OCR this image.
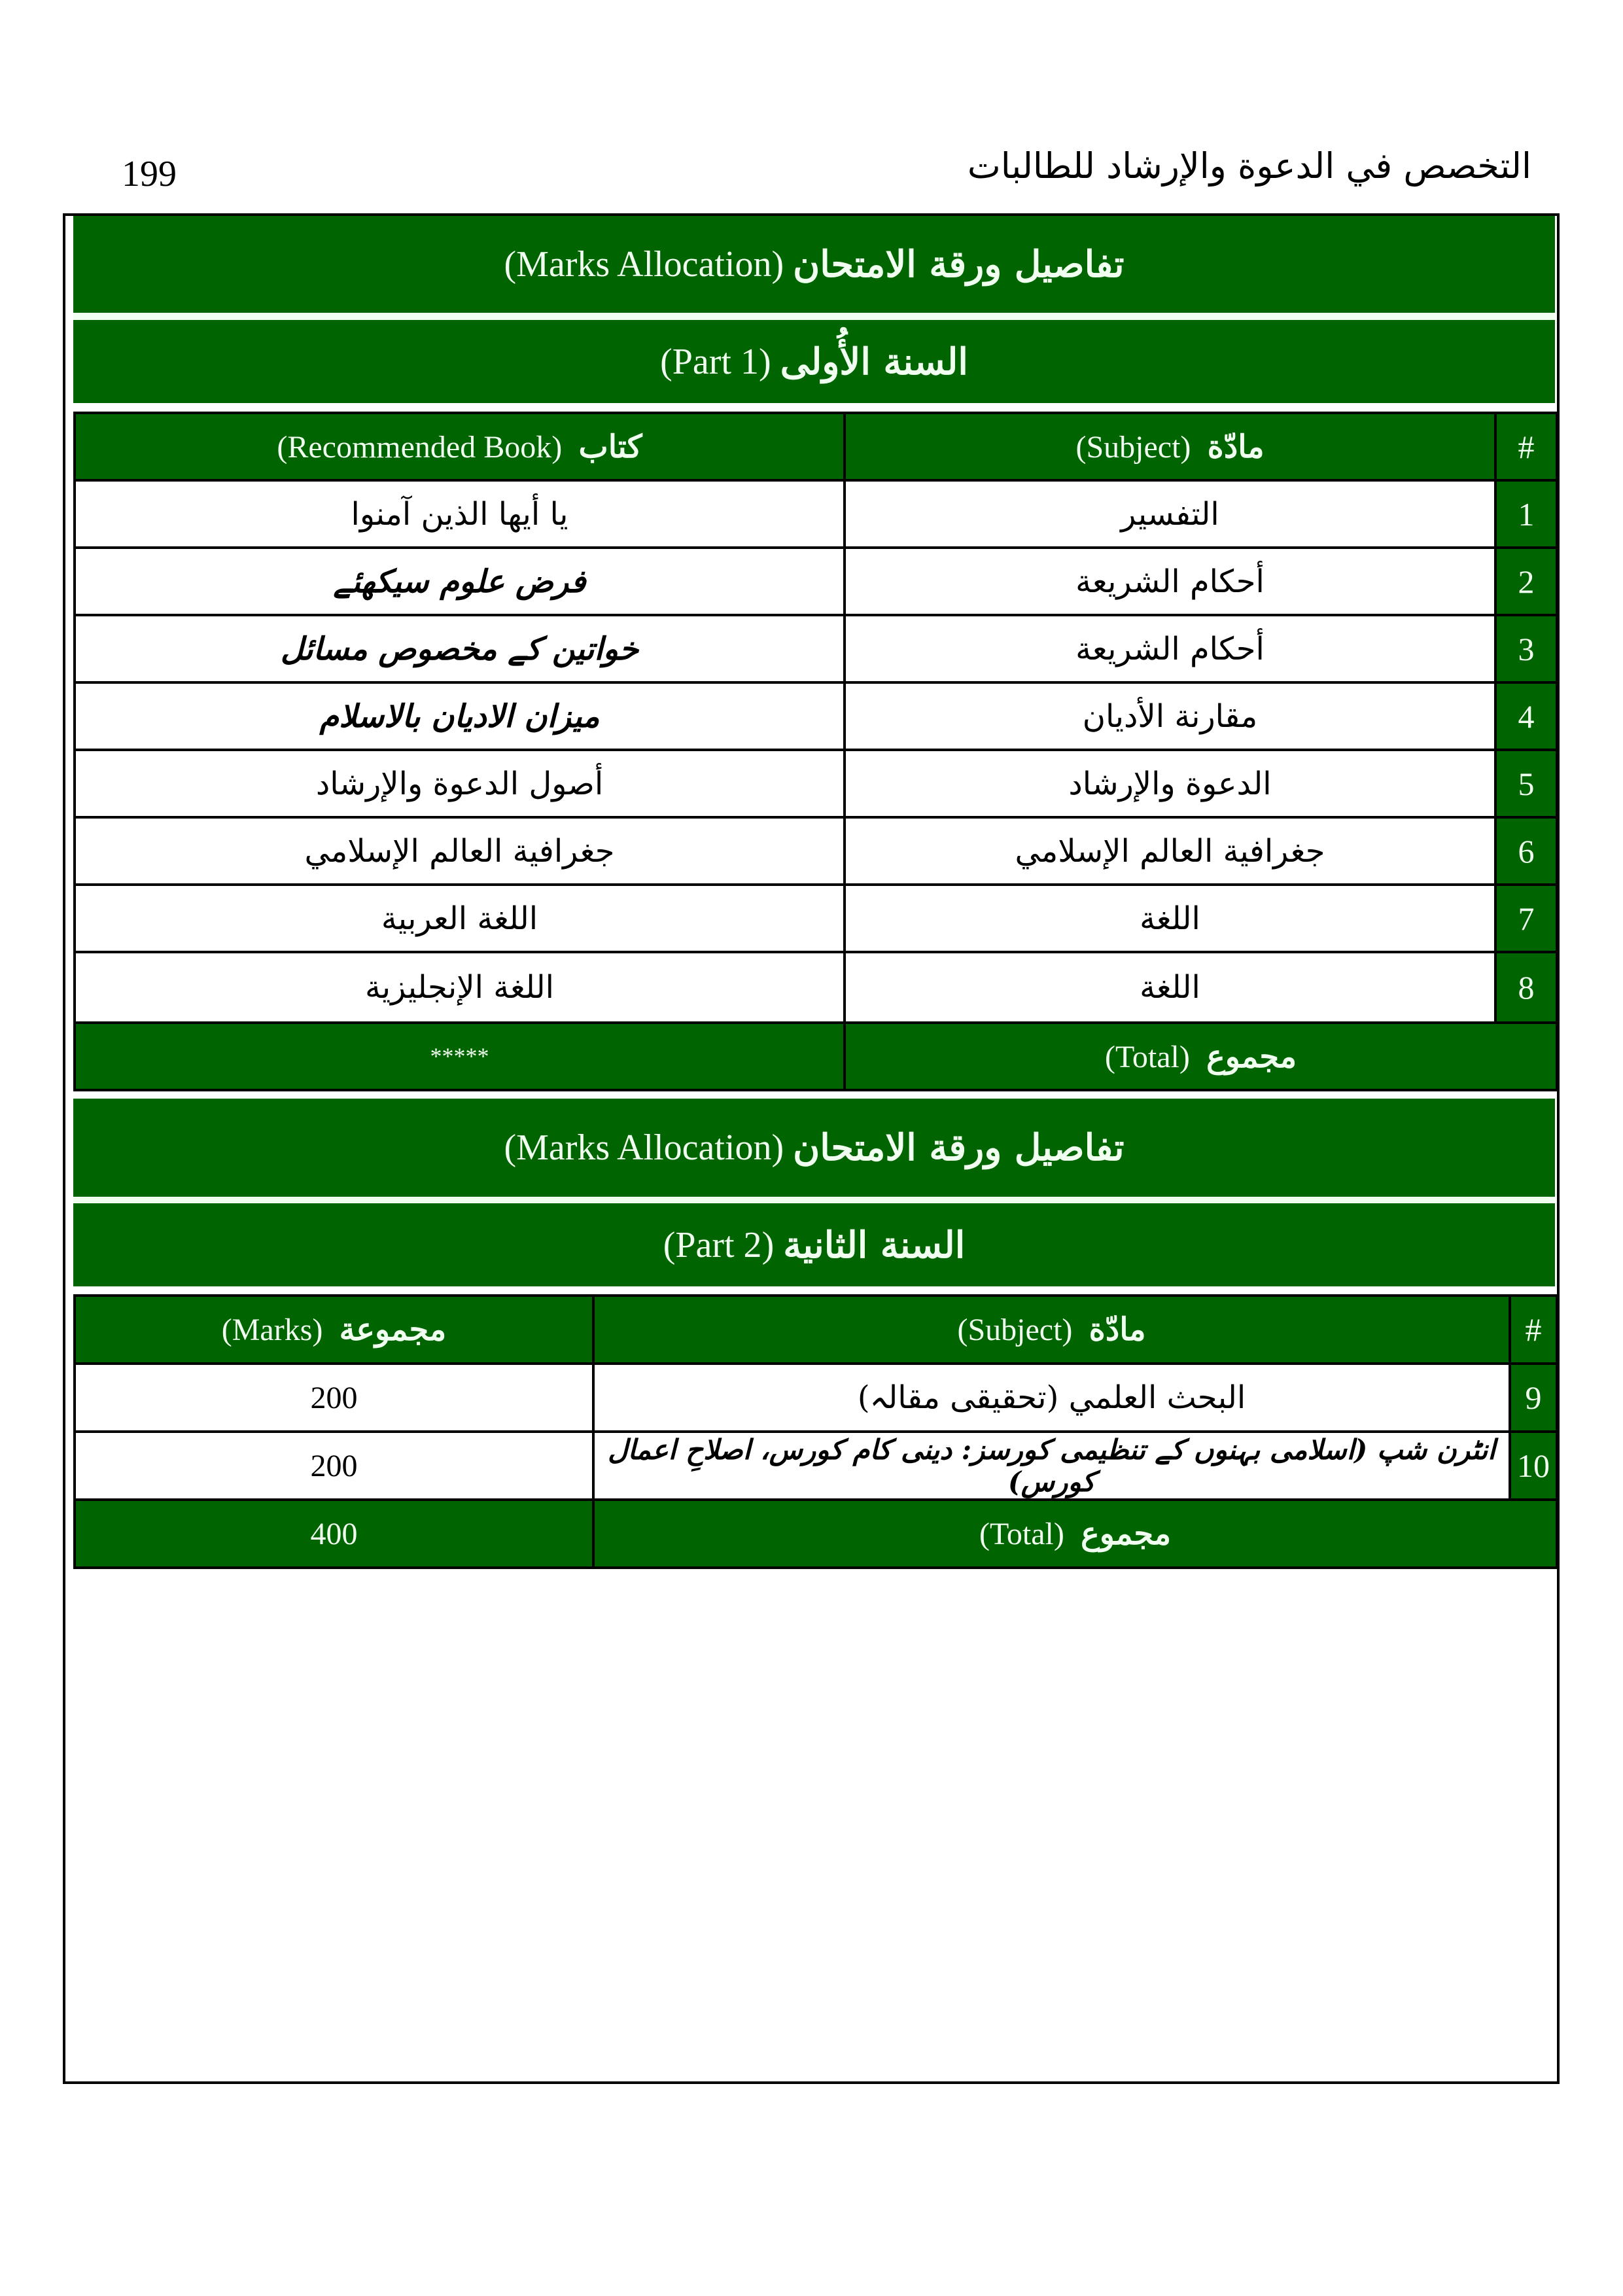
199	التخصص في الدعوة والإرشاد للطالبات
تفاصيل ورقة الامتحان
(Marks Allocation)
السنة الأُولى
(Part 1)
كتاب (Recommended Book)	مادّة (Subject)	#
يا أيها الذين آمنوا	التفسير	1
فرض علوم سیکھئے	أحكام الشريعة	2
خواتین کے مخصوص مسائل	أحكام الشريعة	3
میزان الادیان بالاسلام	مقارنة الأديان	4
أصول الدعوة والإرشاد	الدعوة والإرشاد	5
جغرافية العالم الإسلامي	جغرافية العالم الإسلامي	6
اللغة العربية	اللغة	7
اللغة الإنجليزية	اللغة	8
*****	مجموع (Total)	
تفاصيل ورقة الامتحان
(Marks Allocation)
السنة الثانية
(Part 2)
مجموعة (Marks)	مادّة (Subject)	#
200	البحث العلمي (تحقیقی مقالہ)	9
200	انٹرن شپ (اسلامی بہنوں کے تنظیمی کورسز: دینی کام کورس، اصلاحِ اعمال کورس)	10
400	مجموع (Total)	
